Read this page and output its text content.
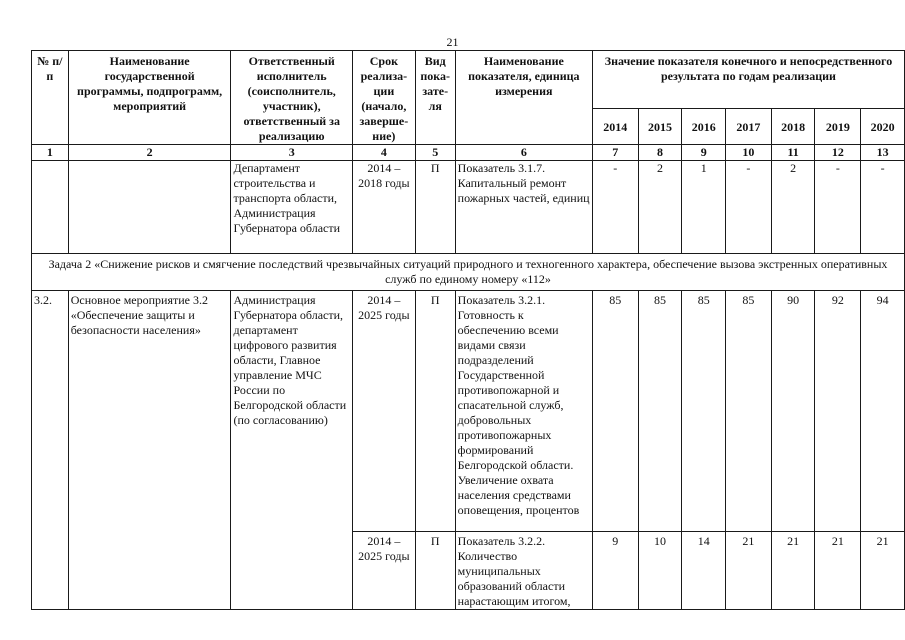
21
№ п/п	Наименование государственной программы, подпрограмм, мероприятий	Ответственный исполнитель (соисполнитель, участник), ответственный за реализацию	Срок реализа-ции (начало, заверше-ние)	Вид пока-зате-ля	Наименование показателя, единица измерения	Значение показателя конечного и непосредственного результата по годам реализации						
						2014	2015	2016	2017	2018	2019	2020
1	2	3	4	5	6	7	8	9	10	11	12	13
		Департамент строительства и транспорта области, Администрация Губернатора области	2014 – 2018 годы	П	Показатель 3.1.7. Капитальный ремонт пожарных частей, единиц	-	2	1	-	2	-	-
Задача 2 «Снижение рисков и смягчение последствий чрезвычайных ситуаций природного и техногенного характера, обеспечение вызова экстренных оперативных служб по единому номеру «112»												
3.2.	Основное мероприятие 3.2 «Обеспечение защиты и безопасности населения»	Администрация Губернатора области, департамент цифрового развития области, Главное управление МЧС России по Белгородской области (по согласованию)	2014 – 2025 годы	П	Показатель 3.2.1. Готовность к обеспечению всеми видами связи подразделений Государственной противопожарной и спасательной служб, добровольных противопожарных формирований Белгородской области. Увеличение охвата населения средствами оповещения, процентов	85	85	85	85	90	92	94
			2014 – 2025 годы	П	Показатель 3.2.2. Количество муниципальных образований области нарастающим итогом,	9	10	14	21	21	21	21
